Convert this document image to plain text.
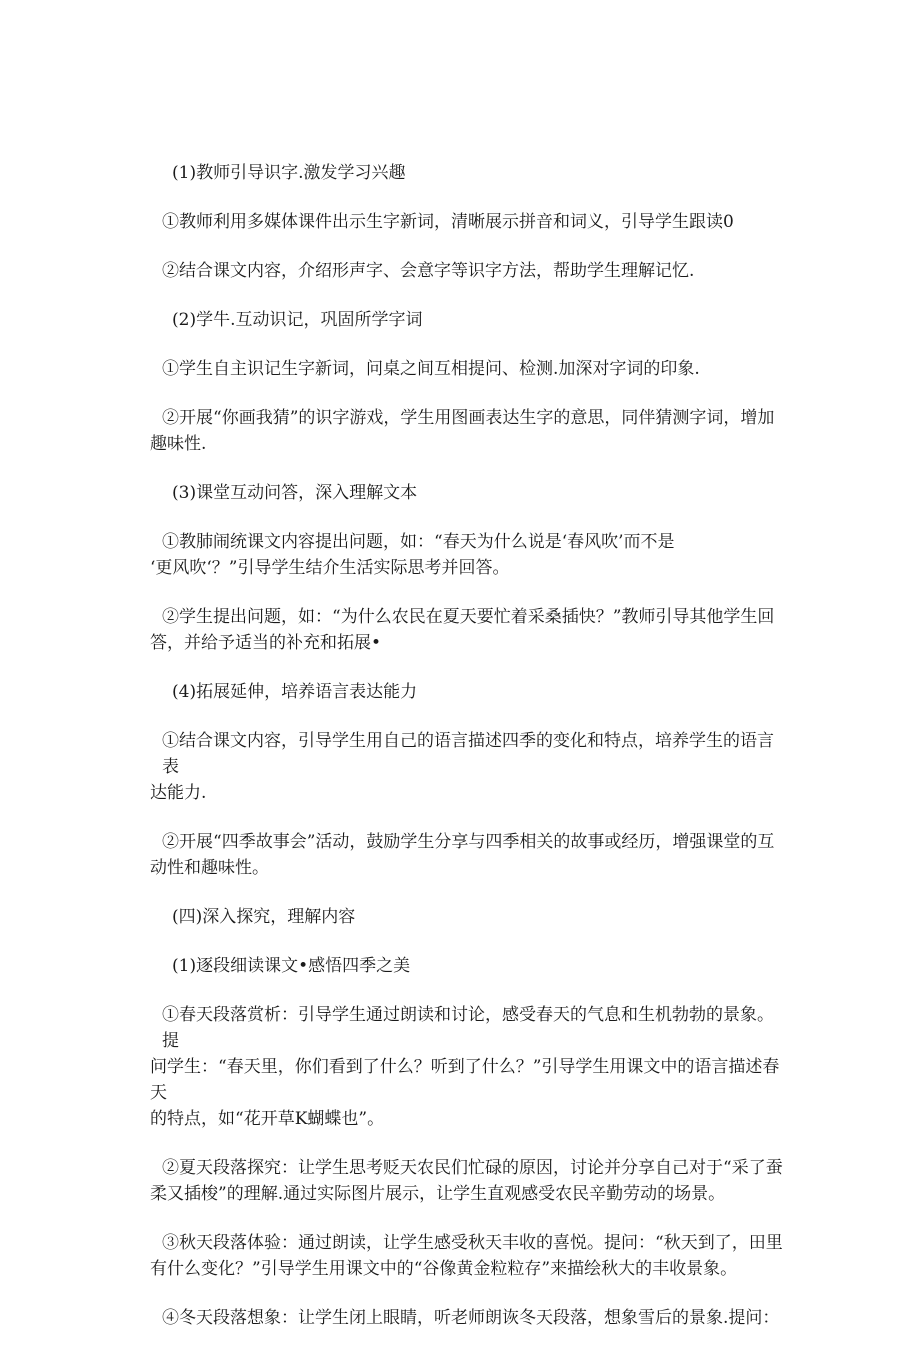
(1)教师引导识字.激发学习兴趣

①教师利用多媒体课件出示生字新词，清晰展示拼音和词义，引导学生跟读0

②结合课文内容，介绍形声字、会意字等识字方法，帮助学生理解记忆.

(2)学牛.互动识记，巩固所学字词

①学生自主识记生字新词，问桌之间互相提问、检测.加深对字词的印象.

②开展“你画我猜”的识字游戏，学生用图画表达生字的意思，同伴猜测字词，增加
趣味性.

(3)课堂互动问答，深入理解文本

①教肺闹统课文内容提出问题，如：“春天为什么说是‘春风吹’而不是
‘更风吹‘？”引导学生结介生活实际思考并回答。

②学生提出问题，如：“为什么农民在夏天要忙着采桑插快？”教师引导其他学生回
答，并给予适当的补充和拓展•

(4)拓展延伸，培养语言表达能力

①结合课文内容，引导学生用自己的语言描述四季的变化和特点，培养学生的语言表
达能力.

②开展“四季故事会”活动，鼓励学生分享与四季相关的故事或经历，增强课堂的互
动性和趣味性。

(四)深入探究，理解内容

(1)逐段细读课文•感悟四季之美

①春天段落赏析：引导学生通过朗读和讨论，感受春天的气息和生机勃勃的景象。提
问学生：“春天里，你们看到了什么？听到了什么？”引导学生用课文中的语言描述春天
的特点，如“花开草K蝴蝶也”。

②夏天段落探究：让学生思考贬天农民们忙碌的原因，讨论并分享自己对于“采了蚕
柔又插梭”的理解.通过实际图片展示，让学生直观感受农民辛勤劳动的场景。

③秋天段落体验：通过朗读，让学生感受秋天丰收的喜悦。提问：“秋天到了，田里
有什么变化？”引导学生用课文中的“谷像黄金粒粒存”来描绘秋大的丰收景象。

④冬天段落想象：让学生闭上眼睛，听老师朗诙冬天段落，想象雪后的景象.提问：
